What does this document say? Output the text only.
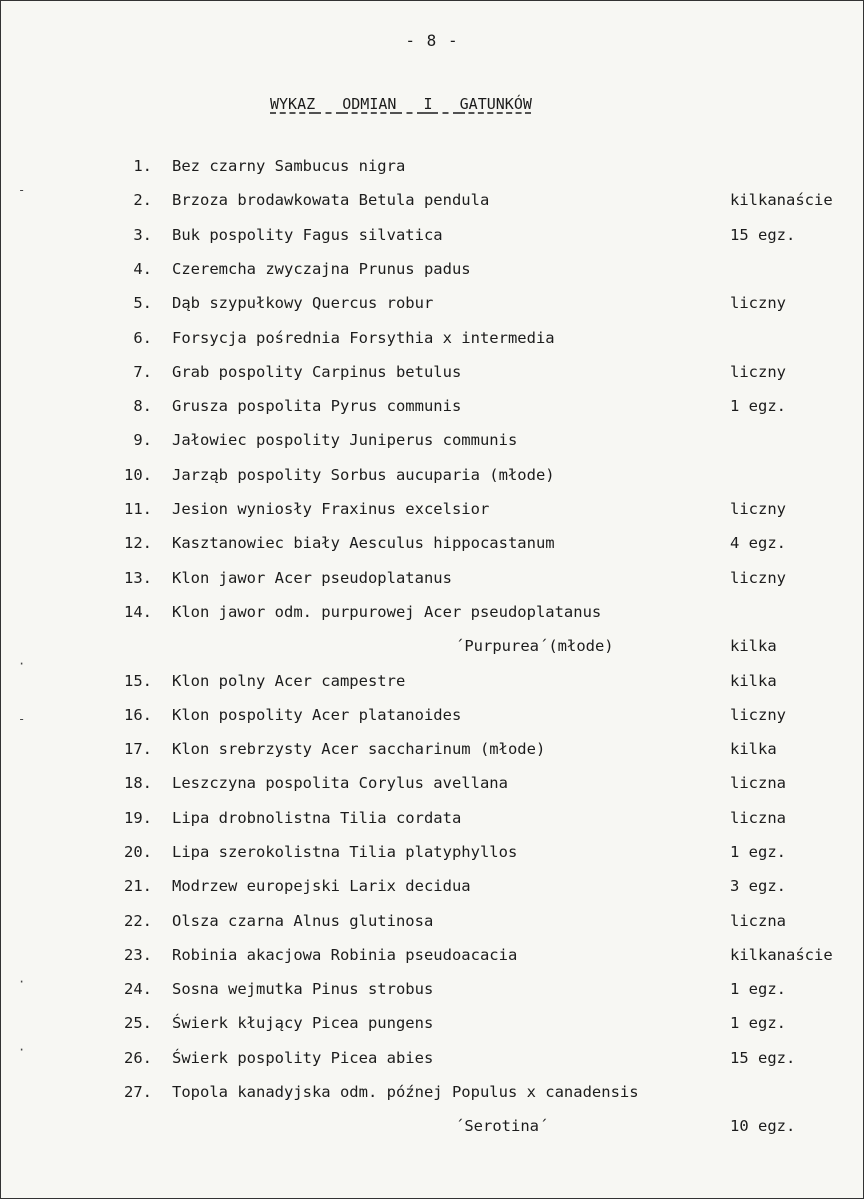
- 8 -
WYKAZ ODMIAN I GATUNKÓW
1. Bez czarny Sambucus nigra
2. Brzoza brodawkowata Betula pendula	kilkanaście
3. Buk pospolity Fagus silvatica	15 egz.
4. Czeremcha zwyczajna Prunus padus
5. Dąb szypułkowy Quercus robur	liczny
6. Forsycja pośrednia Forsythia x intermedia
7. Grab pospolity Carpinus betulus	liczny
8. Grusza pospolita Pyrus communis	1 egz.
9. Jałowiec pospolity Juniperus communis
10. Jarząb pospolity Sorbus aucuparia (młode)
11. Jesion wyniosły Fraxinus excelsior	liczny
12. Kasztanowiec biały Aesculus hippocastanum	4 egz.
13. Klon jawor Acer pseudoplatanus	liczny
14. Klon jawor odm. purpurowej Acer pseudoplatanus
´Purpurea´(młode)	kilka
15. Klon polny Acer campestre	kilka
16. Klon pospolity Acer platanoides	liczny
17. Klon srebrzysty Acer saccharinum (młode)	kilka
18. Leszczyna pospolita Corylus avellana	liczna
19. Lipa drobnolistna Tilia cordata	liczna
20. Lipa szerokolistna Tilia platyphyllos	1 egz.
21. Modrzew europejski Larix decidua	3 egz.
22. Olsza czarna Alnus glutinosa	liczna
23. Robinia akacjowa Robinia pseudoacacia	kilkanaście
24. Sosna wejmutka Pinus strobus	1 egz.
25. Świerk kłujący Picea pungens	1 egz.
26. Świerk pospolity Picea abies	15 egz.
27. Topola kanadyjska odm. późnej Populus x canadensis
´Serotina´	10 egz.
-
·
-
·
·
